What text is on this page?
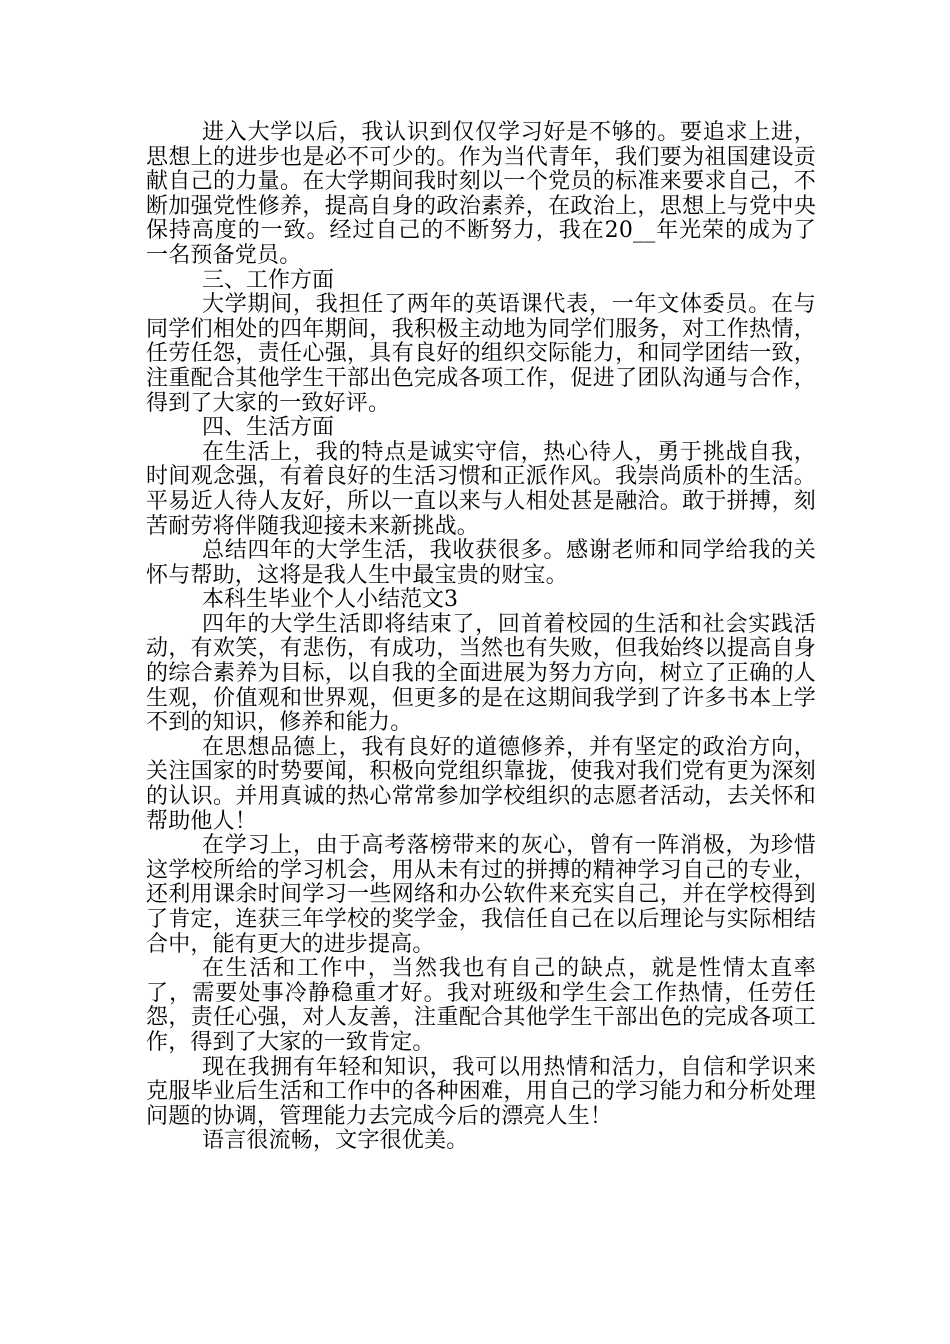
进入大学以后，我认识到仅仅学习好是不够的。要追求上进，思想上的进步也是必不可少的。作为当代青年，我们要为祖国建设贡献自己的力量。在大学期间我时刻以一个党员的标准来要求自己，不断加强党性修养，提高自身的政治素养，在政治上，思想上与党中央保持高度的一致。经过自己的不断努力，我在20__年光荣的成为了一名预备党员。

三、工作方面

大学期间，我担任了两年的英语课代表，一年文体委员。在与同学们相处的四年期间，我积极主动地为同学们服务，对工作热情，任劳任怨，责任心强，具有良好的组织交际能力，和同学团结一致，注重配合其他学生干部出色完成各项工作，促进了团队沟通与合作，得到了大家的一致好评。

四、生活方面

在生活上，我的特点是诚实守信，热心待人，勇于挑战自我，时间观念强，有着良好的生活习惯和正派作风。我崇尚质朴的生活。平易近人待人友好，所以一直以来与人相处甚是融洽。敢于拼搏，刻苦耐劳将伴随我迎接未来新挑战。

总结四年的大学生活，我收获很多。感谢老师和同学给我的关怀与帮助，这将是我人生中最宝贵的财宝。

本科生毕业个人小结范文3

四年的大学生活即将结束了，回首着校园的生活和社会实践活动，有欢笑，有悲伤，有成功，当然也有失败，但我始终以提高自身的综合素养为目标，以自我的全面进展为努力方向，树立了正确的人生观，价值观和世界观，但更多的是在这期间我学到了许多书本上学不到的知识，修养和能力。

在思想品德上，我有良好的道德修养，并有坚定的政治方向，关注国家的时势要闻，积极向党组织靠拢，使我对我们党有更为深刻的认识。并用真诚的热心常常参加学校组织的志愿者活动，去关怀和帮助他人！

在学习上，由于高考落榜带来的灰心，曾有一阵消极，为珍惜这学校所给的学习机会，用从未有过的拼搏的精神学习自己的专业，还利用课余时间学习一些网络和办公软件来充实自己，并在学校得到了肯定，连获三年学校的奖学金，我信任自己在以后理论与实际相结合中，能有更大的进步提高。

在生活和工作中，当然我也有自己的缺点，就是性情太直率了，需要处事冷静稳重才好。我对班级和学生会工作热情，任劳任怨，责任心强，对人友善，注重配合其他学生干部出色的完成各项工作，得到了大家的一致肯定。

现在我拥有年轻和知识，我可以用热情和活力，自信和学识来克服毕业后生活和工作中的各种困难，用自己的学习能力和分析处理问题的协调，管理能力去完成今后的漂亮人生！

语言很流畅，文字很优美。
